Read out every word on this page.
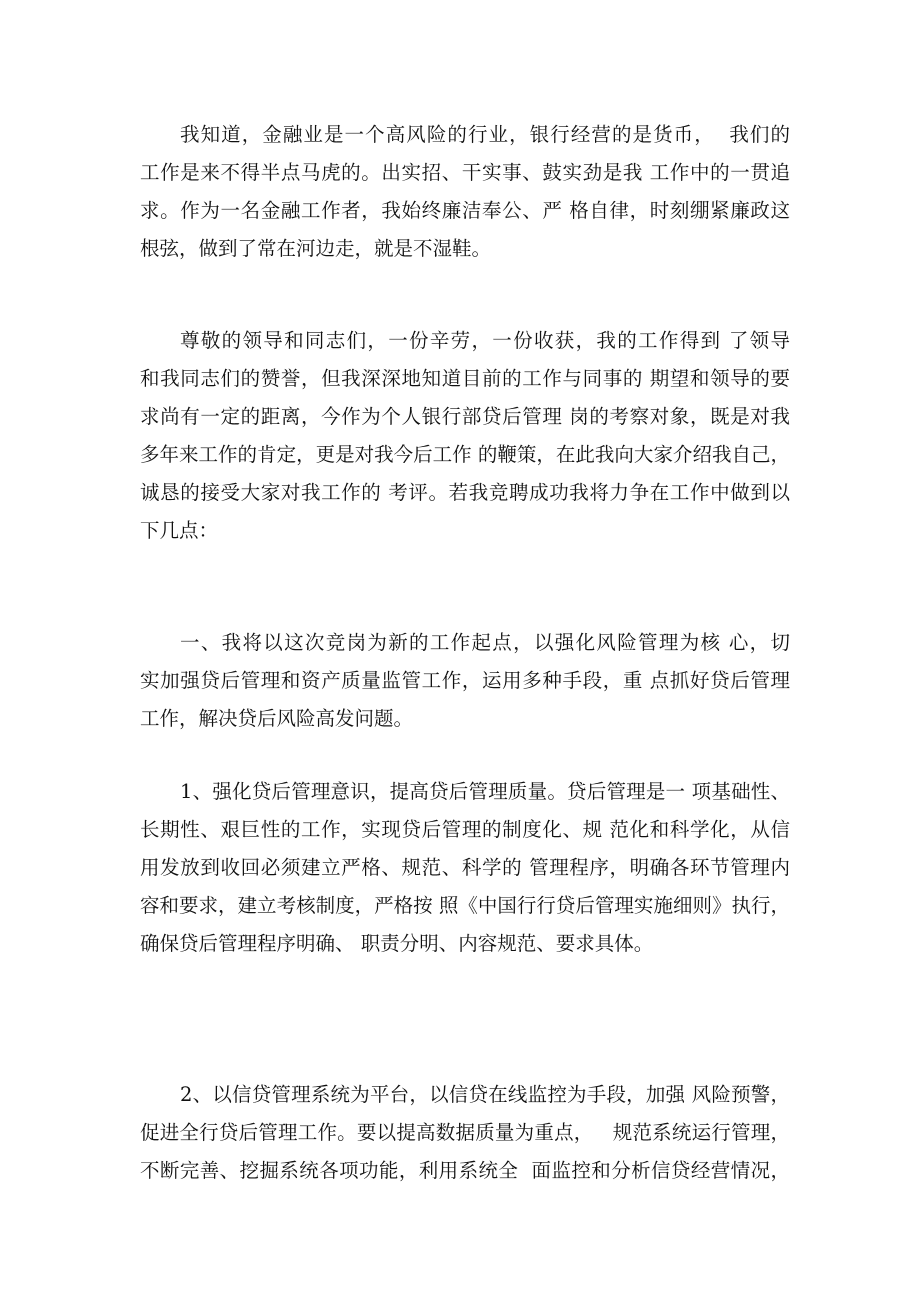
我知道，金融业是一个高风险的行业，银行经营的是货币，  我们的
工作是来不得半点马虎的。出实招、干实事、鼓实劲是我 工作中的一贯追
求。作为一名金融工作者，我始终廉洁奉公、严 格自律，时刻绷紧廉政这
根弦，做到了常在河边走，就是不湿鞋。
尊敬的领导和同志们，一份辛劳，一份收获，我的工作得到 了领导
和我同志们的赞誉，但我深深地知道目前的工作与同事的 期望和领导的要
求尚有一定的距离，今作为个人银行部贷后管理 岗的考察对象，既是对我
多年来工作的肯定，更是对我今后工作 的鞭策，在此我向大家介绍我自己，
诚恳的接受大家对我工作的 考评。若我竞聘成功我将力争在工作中做到以
下几点：
一、我将以这次竞岗为新的工作起点，以强化风险管理为核 心，切
实加强贷后管理和资产质量监管工作，运用多种手段，重 点抓好贷后管理
工作，解决贷后风险高发问题。
1、强化贷后管理意识，提高贷后管理质量。贷后管理是一 项基础性、
长期性、艰巨性的工作，实现贷后管理的制度化、规 范化和科学化，从信
用发放到收回必须建立严格、规范、科学的 管理程序，明确各环节管理内
容和要求，建立考核制度，严格按 照《中国行行贷后管理实施细则》执行，
确保贷后管理程序明确、 职责分明、内容规范、要求具体。
2、以信贷管理系统为平台，以信贷在线监控为手段，加强 风险预警，
促进全行贷后管理工作。要以提高数据质量为重点，   规范系统运行管理，
不断完善、挖掘系统各项功能，利用系统全  面监控和分析信贷经营情况，
